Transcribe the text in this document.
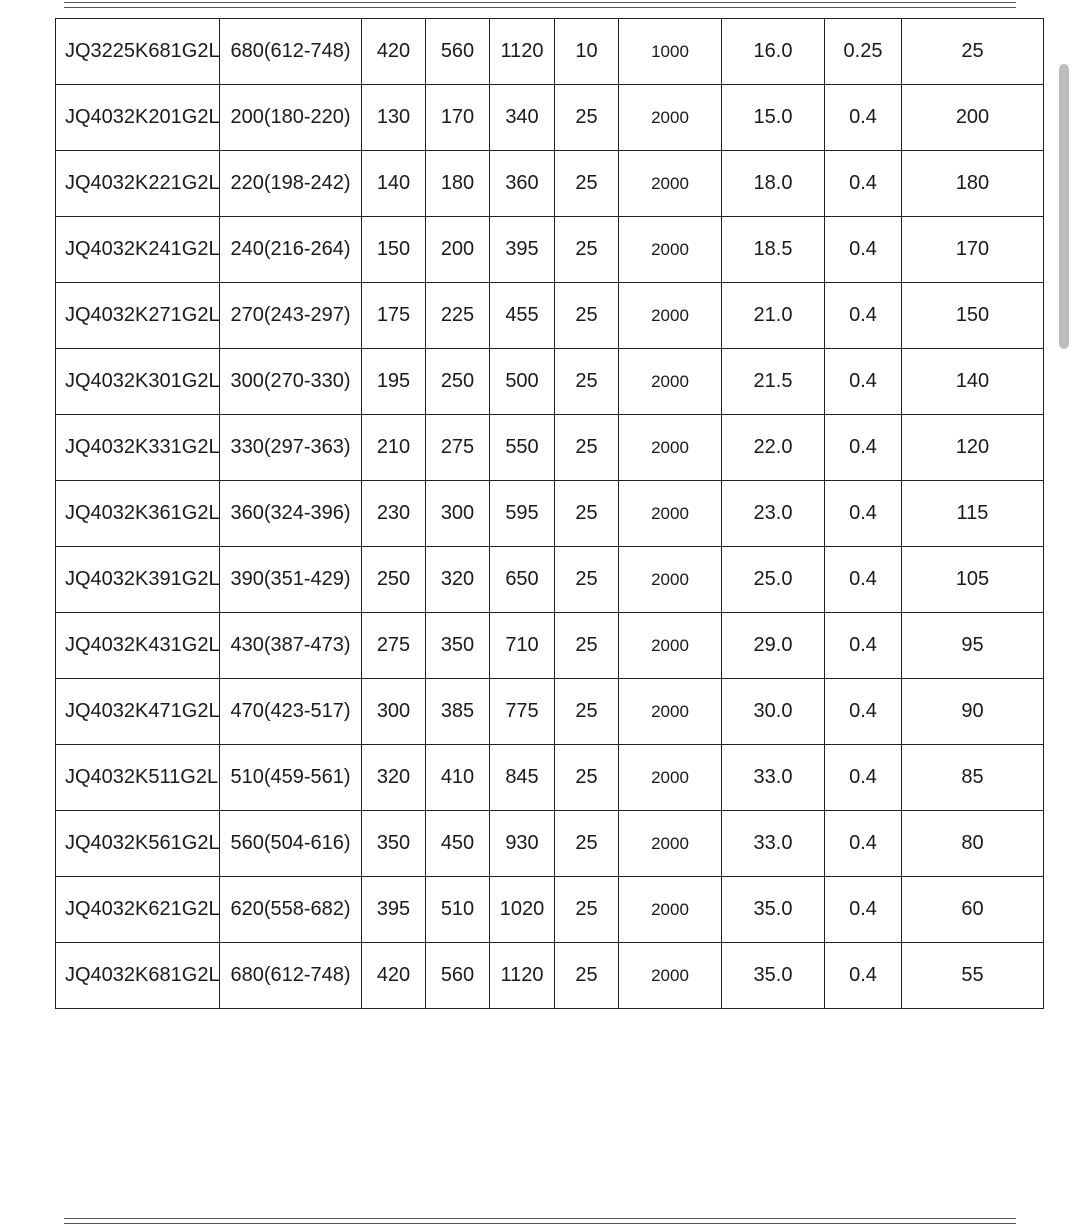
JQ3225K681G2L	680(612-748)	420	560	1120	10	1000	16.0	0.25	25
JQ4032K201G2L	200(180-220)	130	170	340	25	2000	15.0	0.4	200
JQ4032K221G2L	220(198-242)	140	180	360	25	2000	18.0	0.4	180
JQ4032K241G2L	240(216-264)	150	200	395	25	2000	18.5	0.4	170
JQ4032K271G2L	270(243-297)	175	225	455	25	2000	21.0	0.4	150
JQ4032K301G2L	300(270-330)	195	250	500	25	2000	21.5	0.4	140
JQ4032K331G2L	330(297-363)	210	275	550	25	2000	22.0	0.4	120
JQ4032K361G2L	360(324-396)	230	300	595	25	2000	23.0	0.4	115
JQ4032K391G2L	390(351-429)	250	320	650	25	2000	25.0	0.4	105
JQ4032K431G2L	430(387-473)	275	350	710	25	2000	29.0	0.4	95
JQ4032K471G2L	470(423-517)	300	385	775	25	2000	30.0	0.4	90
JQ4032K511G2L	510(459-561)	320	410	845	25	2000	33.0	0.4	85
JQ4032K561G2L	560(504-616)	350	450	930	25	2000	33.0	0.4	80
JQ4032K621G2L	620(558-682)	395	510	1020	25	2000	35.0	0.4	60
JQ4032K681G2L	680(612-748)	420	560	1120	25	2000	35.0	0.4	55
